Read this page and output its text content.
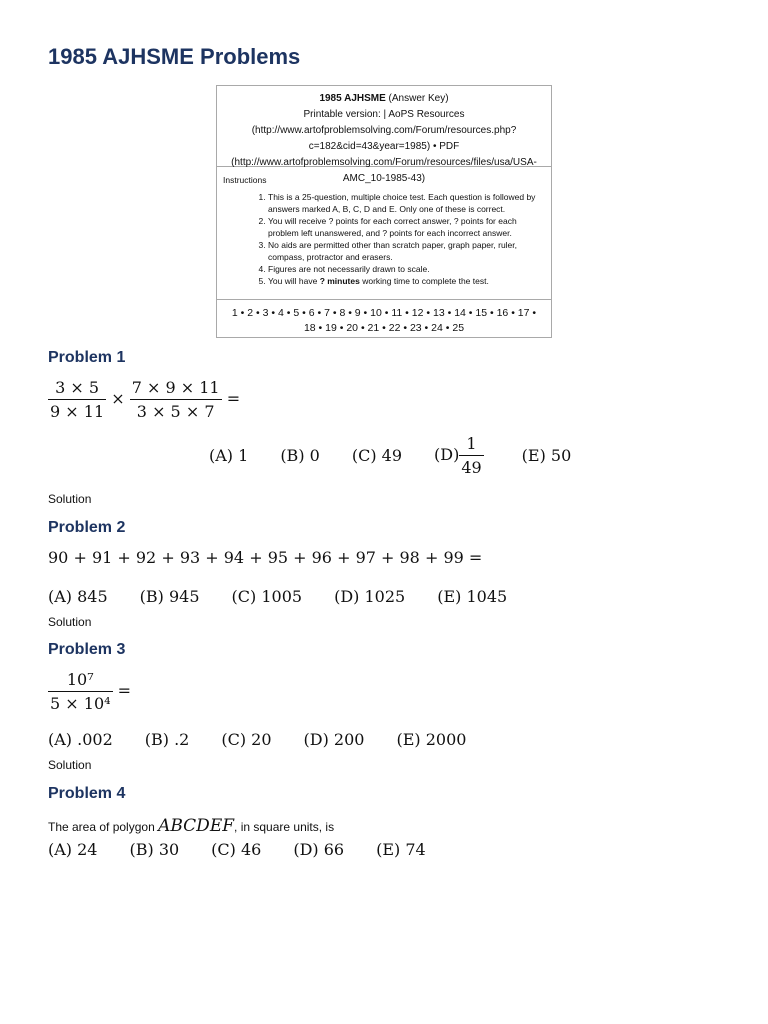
1985 AJHSME Problems
1985 AJHSME (Answer Key)
Printable version: | AoPS Resources (http://www.artofproblemsolving.com/Forum/resources.php?c=182&cid=43&year=1985) • PDF (http://www.artofproblemsolving.com/Forum/resources/files/usa/USA-AMC_10-1985-43)
Instructions
1. This is a 25-question, multiple choice test. Each question is followed by answers marked A, B, C, D and E. Only one of these is correct.
2. You will receive ? points for each correct answer, ? points for each problem left unanswered, and ? points for each incorrect answer.
3. No aids are permitted other than scratch paper, graph paper, ruler, compass, protractor and erasers.
4. Figures are not necessarily drawn to scale.
5. You will have ? minutes working time to complete the test.
1 • 2 • 3 • 4 • 5 • 6 • 7 • 8 • 9 • 10 • 11 • 12 • 13 • 14 • 15 • 16 • 17 • 18 • 19 • 20 • 21 • 22 • 23 • 24 • 25
Problem 1
$\frac{3 \times 5}{9 \times 11} \times \frac{7 \times 9 \times 11}{3 \times 5 \times 7}$ =
(A) 1 (B) 0 (C) 49 $(D) \frac{1}{49} (E)$ 50
Solution
Problem 2
90 + 91 + 92 + 93 + 94 + 95 + 96 + 97 + 98 + 99 =
(A) 845 (B) 945 (C) 1005 (D) 1025 (E) 1045
Solution
Problem 3
$\frac{\text{10⁷}}{\text{5 × 10⁴}}$ =
(A) .002 (B) .2 (C) 20 (D) 200 (E) 2000
Solution
Problem 4
The area of polygon ABCDEF, in square units, is
(A) 24 (B) 30 (C) 46 (D) 66 (E) 74
